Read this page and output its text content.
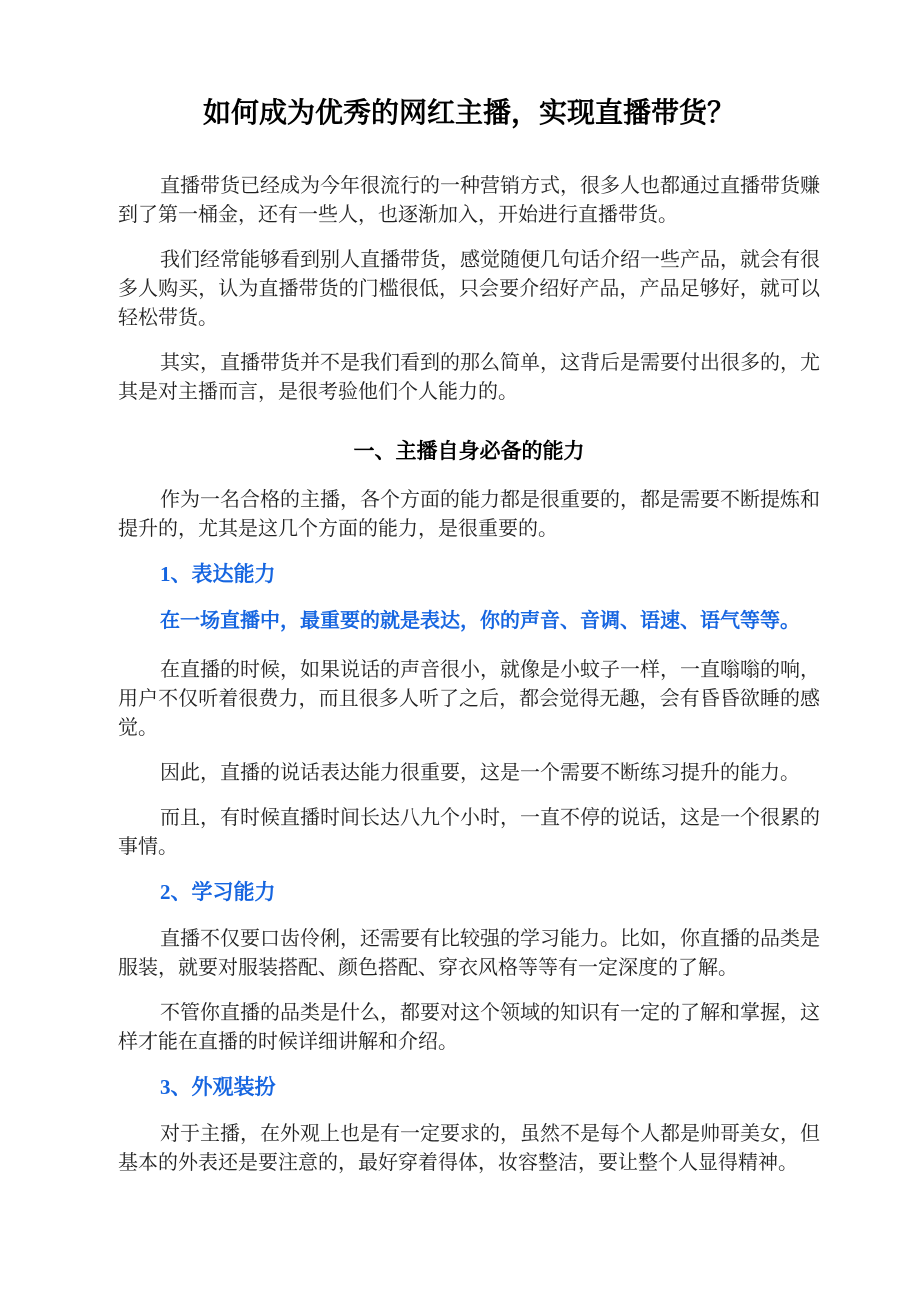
如何成为优秀的网红主播，实现直播带货？

直播带货已经成为今年很流行的一种营销方式，很多人也都通过直播带货赚到了第一桶金，还有一些人，也逐渐加入，开始进行直播带货。

我们经常能够看到别人直播带货，感觉随便几句话介绍一些产品，就会有很多人购买，认为直播带货的门槛很低，只会要介绍好产品，产品足够好，就可以轻松带货。

其实，直播带货并不是我们看到的那么简单，这背后是需要付出很多的，尤其是对主播而言，是很考验他们个人能力的。

一、主播自身必备的能力

作为一名合格的主播，各个方面的能力都是很重要的，都是需要不断提炼和提升的，尤其是这几个方面的能力，是很重要的。

1、表达能力

在一场直播中，最重要的就是表达，你的声音、音调、语速、语气等等。

在直播的时候，如果说话的声音很小，就像是小蚊子一样，一直嗡嗡的响，用户不仅听着很费力，而且很多人听了之后，都会觉得无趣，会有昏昏欲睡的感觉。

因此，直播的说话表达能力很重要，这是一个需要不断练习提升的能力。

而且，有时候直播时间长达八九个小时，一直不停的说话，这是一个很累的事情。

2、学习能力

直播不仅要口齿伶俐，还需要有比较强的学习能力。比如，你直播的品类是服装，就要对服装搭配、颜色搭配、穿衣风格等等有一定深度的了解。

不管你直播的品类是什么，都要对这个领域的知识有一定的了解和掌握，这样才能在直播的时候详细讲解和介绍。

3、外观装扮

对于主播，在外观上也是有一定要求的，虽然不是每个人都是帅哥美女，但基本的外表还是要注意的，最好穿着得体，妆容整洁，要让整个人显得精神。
